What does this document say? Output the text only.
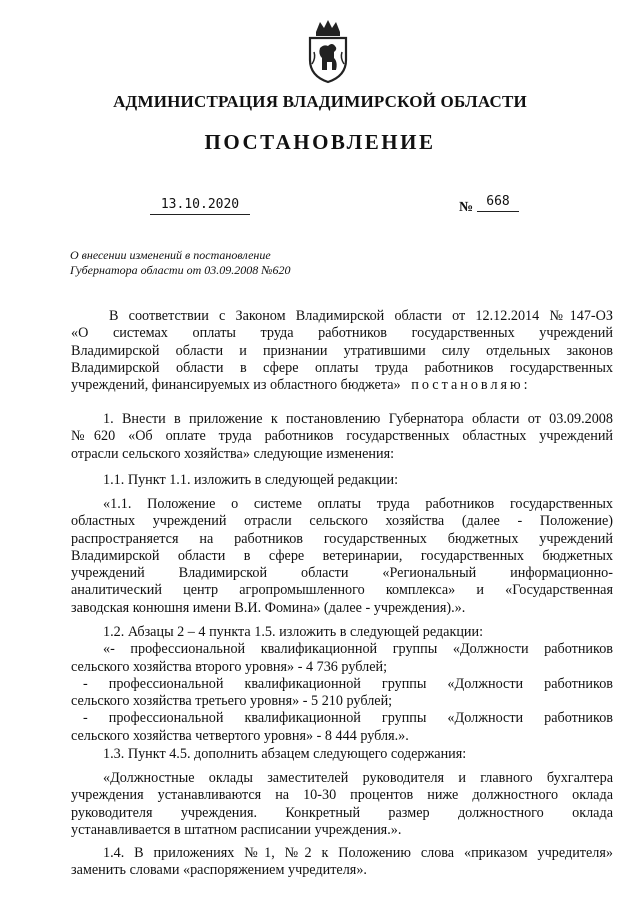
АДМИНИСТРАЦИЯ ВЛАДИМИРСКОЙ ОБЛАСТИ
ПОСТАНОВЛЕНИЕ
13.10.2020	№	668
О внесении изменений в постановление
Губернатора области от 03.09.2008 №620
В соответствии с Законом Владимирской области от 12.12.2014 №147-ОЗ
«О системах оплаты труда работников государственных учреждений
Владимирской области и признании утратившими силу отдельных законов
Владимирской области в сфере оплаты труда работников государственных
учреждений, финансируемых из областного бюджета» постановляю:
1. Внести в приложение к постановлению Губернатора области от 03.09.2008
№620 «Об оплате труда работников государственных областных учреждений
отрасли сельского хозяйства» следующие изменения:
1.1. Пункт 1.1. изложить в следующей редакции:
«1.1. Положение о системе оплаты труда работников государственных
областных учреждений отрасли сельского хозяйства (далее - Положение)
распространяется на работников государственных бюджетных учреждений
Владимирской области в сфере ветеринарии, государственных бюджетных
учреждений Владимирской области «Региональный информационно-
аналитический центр агропромышленного комплекса» и «Государственная
заводская конюшня имени В.И. Фомина» (далее - учреждения).».
1.2. Абзацы 2 – 4 пункта 1.5. изложить в следующей редакции:
«- профессиональной квалификационной группы «Должности работников
сельского хозяйства второго уровня» - 4 736 рублей;
- профессиональной квалификационной группы «Должности работников
сельского хозяйства третьего уровня» - 5 210 рублей;
- профессиональной квалификационной группы «Должности работников
сельского хозяйства четвертого уровня» - 8 444 рубля.».
1.3. Пункт 4.5. дополнить абзацем следующего содержания:
«Должностные оклады заместителей руководителя и главного бухгалтера
учреждения устанавливаются на 10-30 процентов ниже должностного оклада
руководителя учреждения. Конкретный размер должностного оклада
устанавливается в штатном расписании учреждения.».
1.4. В приложениях №1, №2 к Положению слова «приказом учредителя»
заменить словами «распоряжением учредителя».
